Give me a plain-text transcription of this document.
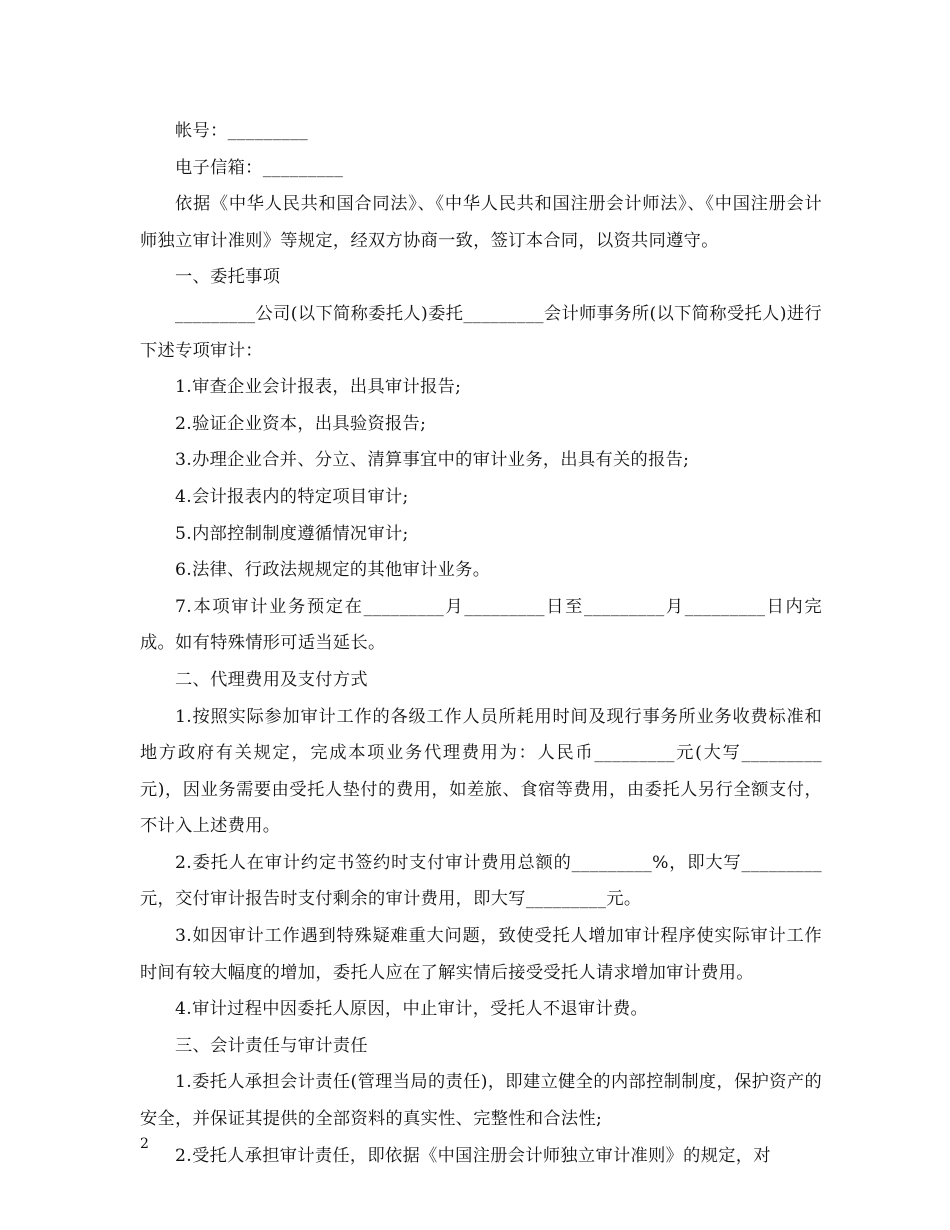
帐号：_________

电子信箱：_________

依据《中华人民共和国合同法》、《中华人民共和国注册会计师法》、《中国注册会计师独立审计准则》等规定，经双方协商一致，签订本合同，以资共同遵守。

一、委托事项

_________公司(以下简称委托人)委托_________会计师事务所(以下简称受托人)进行下述专项审计：

1.审查企业会计报表，出具审计报告;

2.验证企业资本，出具验资报告;

3.办理企业合并、分立、清算事宜中的审计业务，出具有关的报告;

4.会计报表内的特定项目审计;

5.内部控制制度遵循情况审计;

6.法律、行政法规规定的其他审计业务。

7.本项审计业务预定在_________月_________日至_________月_________日内完成。如有特殊情形可适当延长。

二、代理费用及支付方式

1.按照实际参加审计工作的各级工作人员所耗用时间及现行事务所业务收费标准和地方政府有关规定，完成本项业务代理费用为：人民币_________元(大写_________元)，因业务需要由受托人垫付的费用，如差旅、食宿等费用，由委托人另行全额支付，不计入上述费用。

2.委托人在审计约定书签约时支付审计费用总额的_________%，即大写_________元，交付审计报告时支付剩余的审计费用，即大写_________元。

3.如因审计工作遇到特殊疑难重大问题，致使受托人增加审计程序使实际审计工作时间有较大幅度的增加，委托人应在了解实情后接受受托人请求增加审计费用。

4.审计过程中因委托人原因，中止审计，受托人不退审计费。

三、会计责任与审计责任

1.委托人承担会计责任(管理当局的责任)，即建立健全的内部控制制度，保护资产的安全，并保证其提供的全部资料的真实性、完整性和合法性;

2.受托人承担审计责任，即依据《中国注册会计师独立审计准则》的规定，对

2
